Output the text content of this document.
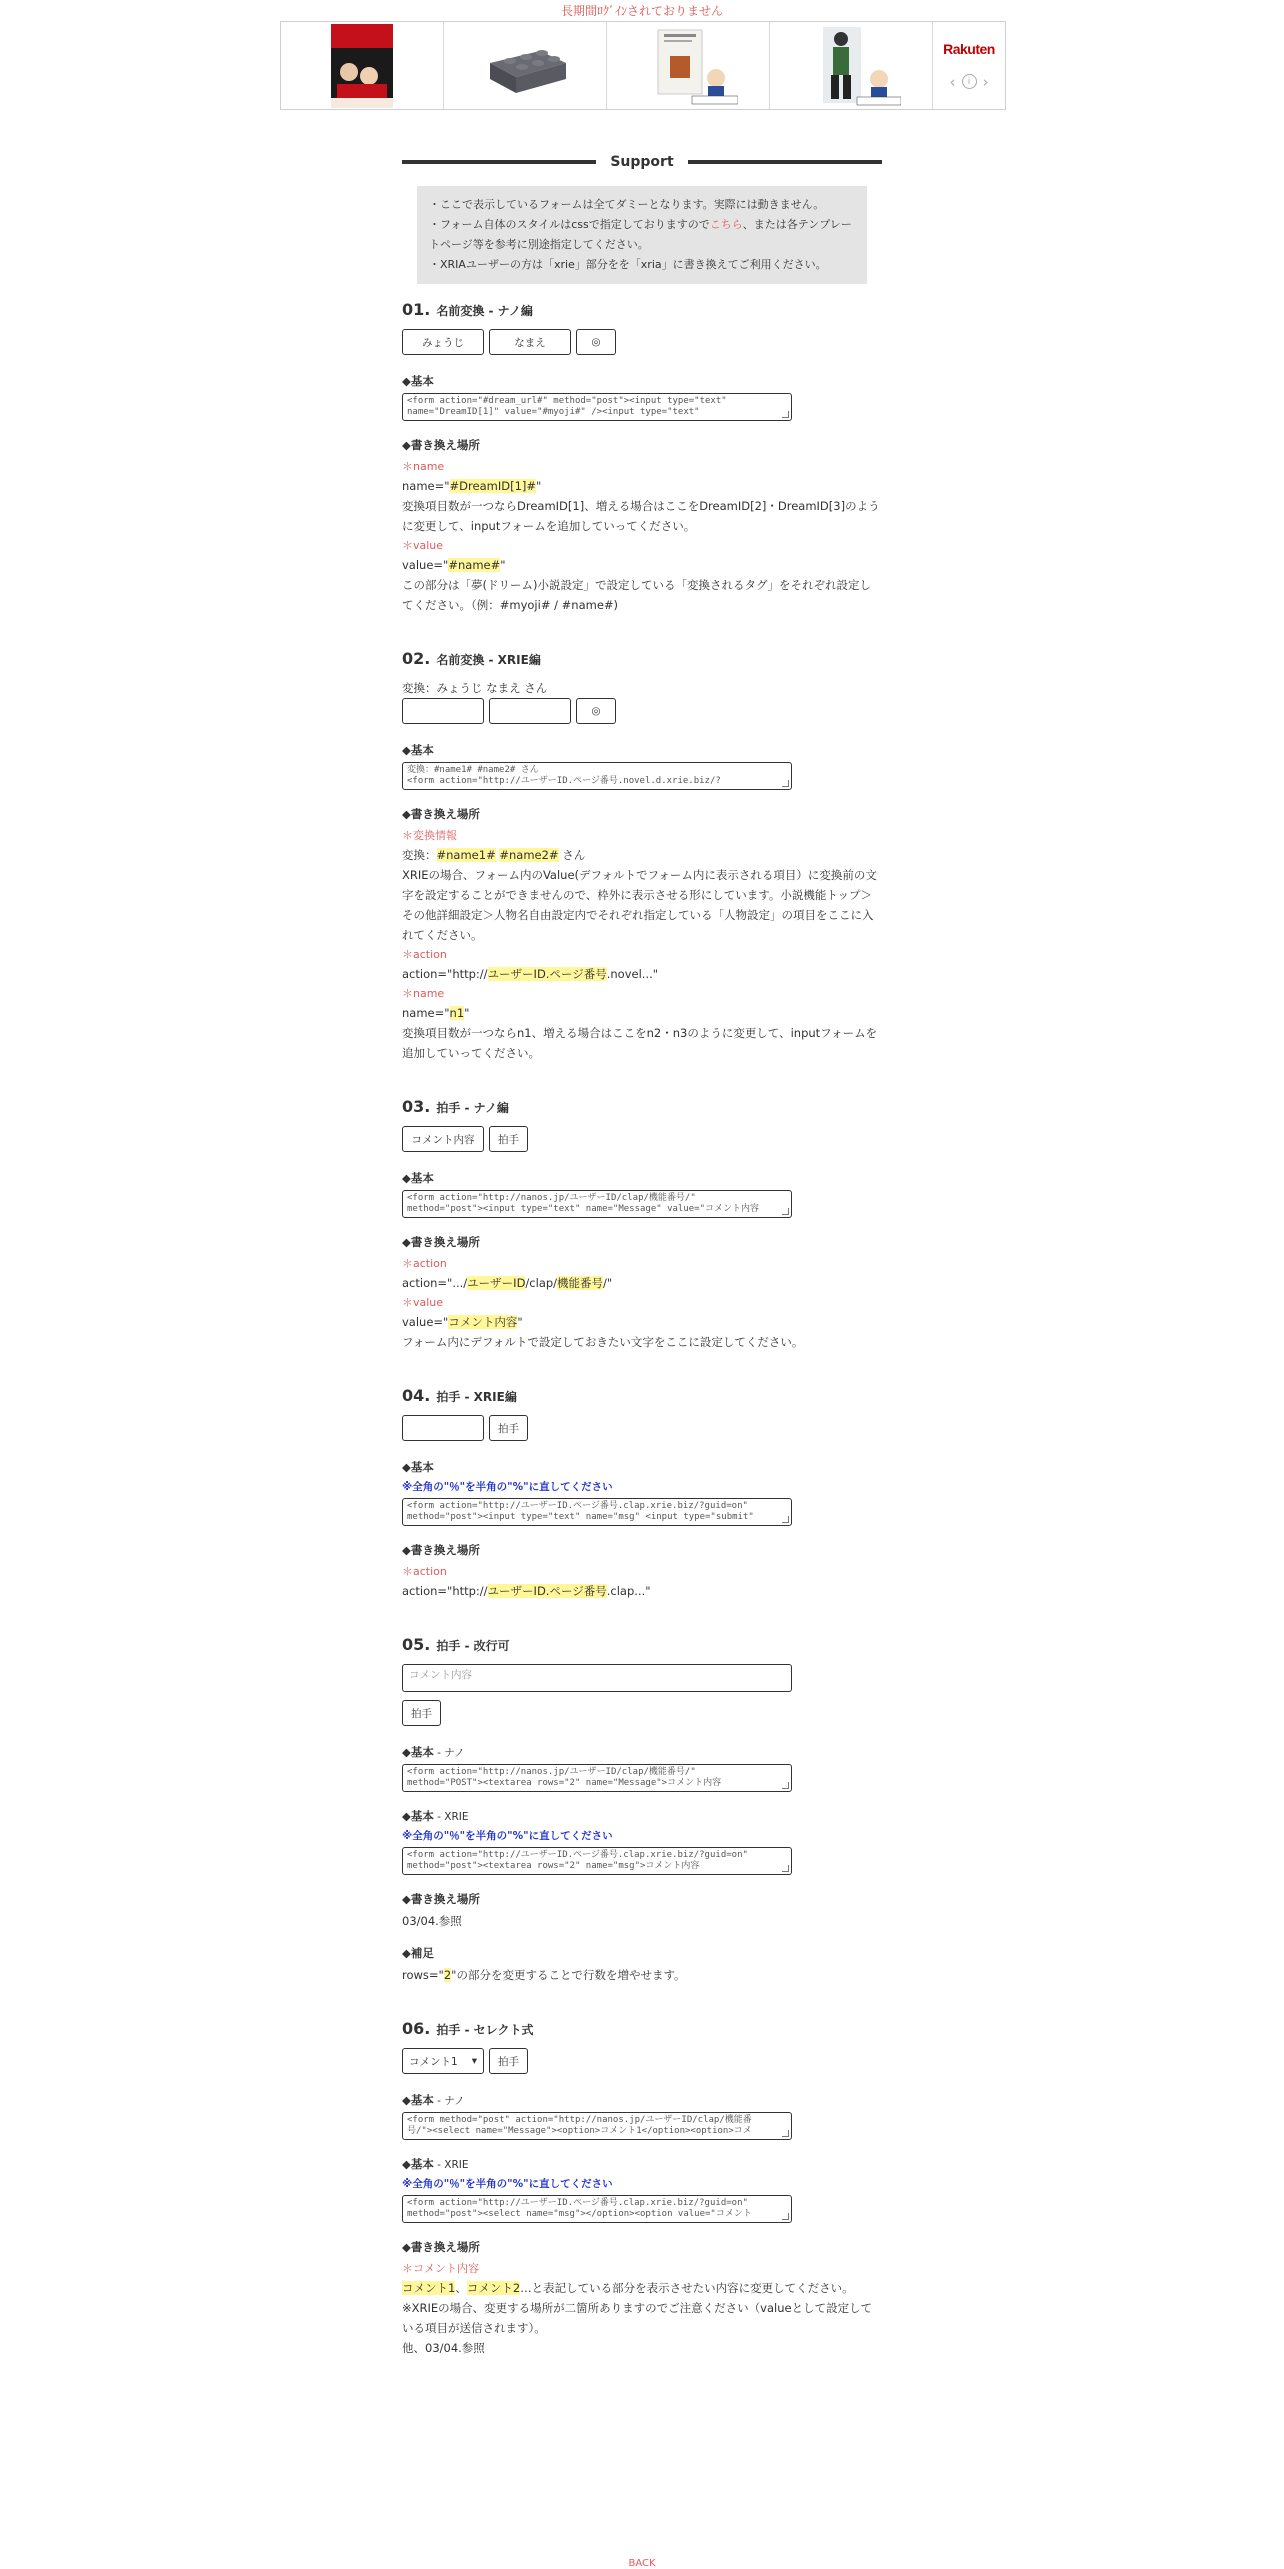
長期間ﾛｸﾞｲﾝされておりません
Rakuten
‹	i ›
Support
・ここで表示しているフォームは全てダミーとなります。実際には動きません。
・フォーム自体のスタイルはcssで指定しておりますのでこちら、または各テンプレートページ等を参考に別途指定してください。
・XRIAユーザーの方は「xrie」部分をを「xria」に書き換えてご利用ください。
01. 名前変換 - ナノ編
みょうじ	なまえ	◎
◆基本
<form action="#dream_url#" method="post"><input type="text"
name="DreamID[1]" value="#myoji#" /><input type="text"
◆書き換え場所
＊name

name="#DreamID[1]#"

変換項目数が一つならDreamID[1]、増える場合はここをDreamID[2]・DreamID[3]のように変更して、inputフォームを追加していってください。

＊value

value="#name#"

この部分は「夢(ドリーム)小説設定」で設定している「変換されるタグ」をそれぞれ設定してください。（例：#myoji# / #name#)

02. 名前変換 - XRIE編

変換：みょうじ なまえ さん

◎
◆基本
変換：#name1# #name2# さん
<form action="http://ユーザーID.ページ番号.novel.d.xrie.biz/?
◆書き換え場所
＊変換情報

変換：#name1# #name2# さん

XRIEの場合、フォーム内のValue(デフォルトでフォーム内に表示される項目）に変換前の文字を設定することができませんので、枠外に表示させる形にしています。小説機能トップ＞その他詳細設定＞人物名自由設定内でそれぞれ指定している「人物設定」の項目をここに入れてください。

＊action

action="http://ユーザーID.ページ番号.novel..."

＊name

name="n1"

変換項目数が一つならn1、増える場合はここをn2・n3のように変更して、inputフォームを追加していってください。

03. 拍手 - ナノ編
コメント内容	拍手
◆基本
<form action="http://nanos.jp/ユーザーID/clap/機能番号/"
method="post"><input type="text" name="Message" value="コメント内容
◆書き換え場所
＊action

action=".../ユーザーID/clap/機能番号/"

＊value

value="コメント内容"

フォーム内にデフォルトで設定しておきたい文字をここに設定してください。

04. 拍手 - XRIE編
拍手
◆基本
※全角の"％"を半角の"%"に直してください
<form action="http://ユーザーID.ページ番号.clap.xrie.biz/?guid=on"
method="post"><input type="text" name="msg" <input type="submit"
◆書き換え場所
＊action

action="http://ユーザーID.ページ番号.clap..."

05. 拍手 - 改行可
コメント内容
拍手
◆基本 - ナノ
<form action="http://nanos.jp/ユーザーID/clap/機能番号/"
method="POST"><textarea rows="2" name="Message">コメント内容
◆基本 - XRIE
※全角の"％"を半角の"%"に直してください
<form action="http://ユーザーID.ページ番号.clap.xrie.biz/?guid=on"
method="post"><textarea rows="2" name="msg">コメント内容
◆書き換え場所

03/04.参照

◆補足

rows="2"の部分を変更することで行数を増やせます。

06. 拍手 - セレクト式
コメント1 ▾	拍手
◆基本 - ナノ
<form method="post" action="http://nanos.jp/ユーザーID/clap/機能番
号/"><select name="Message"><option>コメント1</option><option>コメ
◆基本 - XRIE
※全角の"％"を半角の"%"に直してください
<form action="http://ユーザーID.ページ番号.clap.xrie.biz/?guid=on"
method="post"><select name="msg"></option><option value="コメント
◆書き換え場所
＊コメント内容

コメント1、コメント2…と表記している部分を表示させたい内容に変更してください。

※XRIEの場合、変更する場所が二箇所ありますのでご注意ください（valueとして設定している項目が送信されます）。

他、03/04.参照

BACK
